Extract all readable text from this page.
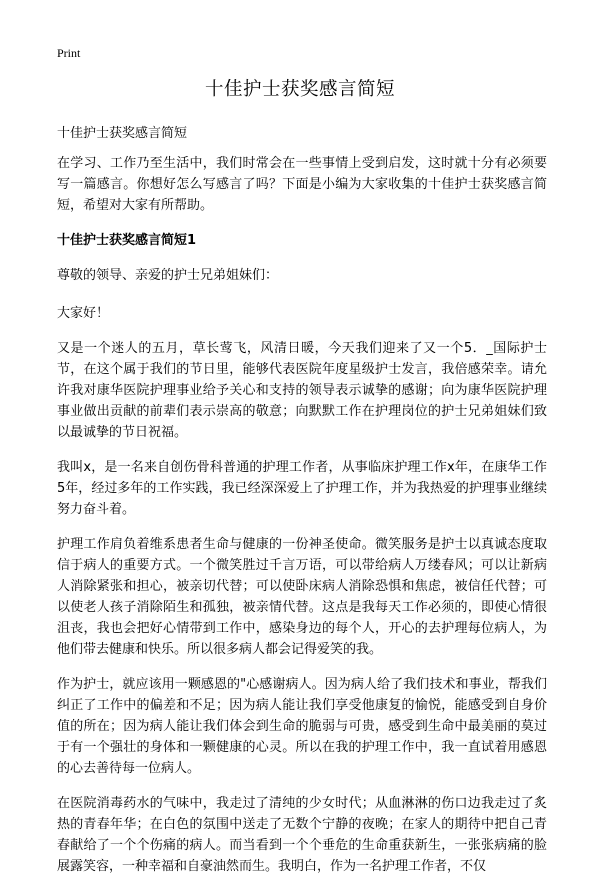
Print
十佳护士获奖感言简短

十佳护士获奖感言简短

在学习、工作乃至生活中，我们时常会在一些事情上受到启发，这时就十分有必须要写一篇感言。你想好怎么写感言了吗？下面是小编为大家收集的十佳护士获奖感言简短，希望对大家有所帮助。

十佳护士获奖感言简短1

尊敬的领导、亲爱的护士兄弟姐妹们：

大家好！

又是一个迷人的五月，草长莺飞，风清日暖，今天我们迎来了又一个5．_国际护士节，在这个属于我们的节日里，能够代表医院年度星级护士发言，我倍感荣幸。请允许我对康华医院护理事业给予关心和支持的领导表示诚挚的感谢；向为康华医院护理事业做出贡献的前辈们表示崇高的敬意；向默默工作在护理岗位的护士兄弟姐妹们致以最诚挚的节日祝福。

我叫x，是一名来自创伤骨科普通的护理工作者，从事临床护理工作x年，在康华工作5年，经过多年的工作实践，我已经深深爱上了护理工作，并为我热爱的护理事业继续努力奋斗着。

护理工作肩负着维系患者生命与健康的一份神圣使命。微笑服务是护士以真诚态度取信于病人的重要方式。一个微笑胜过千言万语，可以带给病人万缕春风；可以让新病人消除紧张和担心，被亲切代替；可以使卧床病人消除恐惧和焦虑，被信任代替；可以使老人孩子消除陌生和孤独，被亲情代替。这点是我每天工作必须的，即使心情很沮丧，我也会把好心情带到工作中，感染身边的每个人，开心的去护理每位病人，为他们带去健康和快乐。所以很多病人都会记得爱笑的我。

作为护士，就应该用一颗感恩的"心感谢病人。因为病人给了我们技术和事业，帮我们纠正了工作中的偏差和不足；因为病人能让我们享受他康复的愉悦，能感受到自身价值的所在；因为病人能让我们体会到生命的脆弱与可贵，感受到生命中最美丽的莫过于有一个强壮的身体和一颗健康的心灵。所以在我的护理工作中，我一直试着用感恩的心去善待每一位病人。

在医院消毒药水的气味中，我走过了清纯的少女时代；从血淋淋的伤口边我走过了炙热的青春年华；在白色的氛围中送走了无数个宁静的夜晚；在家人的期待中把自己青春献给了一个个伤痛的病人。而当看到一个个垂危的生命重获新生，一张张病痛的脸展露笑容，一种幸福和自豪油然而生。我明白，作为一名护理工作者，不仅
